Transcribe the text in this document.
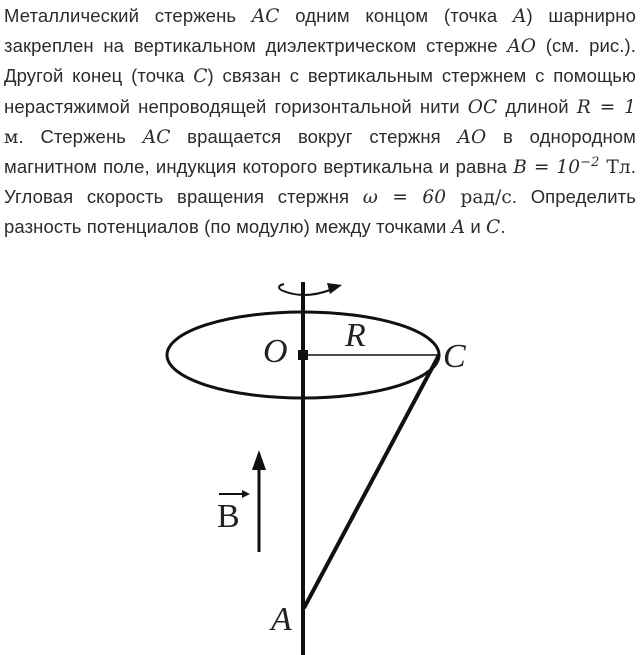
Металлический стержень AC одним концом (точка A) шарнирно закреплен на вертикальном диэлектрическом стержне AO (см. рис.). Другой конец (точка C) связан с вертикальным стержнем с помощью нерастяжимой непроводящей горизонтальной нити OC длиной R = 1 м. Стержень AC вращается вокруг стержня AO в однородном магнитном поле, индукция которого вертикальна и равна $B = 10^{-2}$ Тл. Угловая скорость вращения стержня ω = 60 рад/с. Определить разность потенциалов (по модулю) между точками A и C.
O R
C
A
B
